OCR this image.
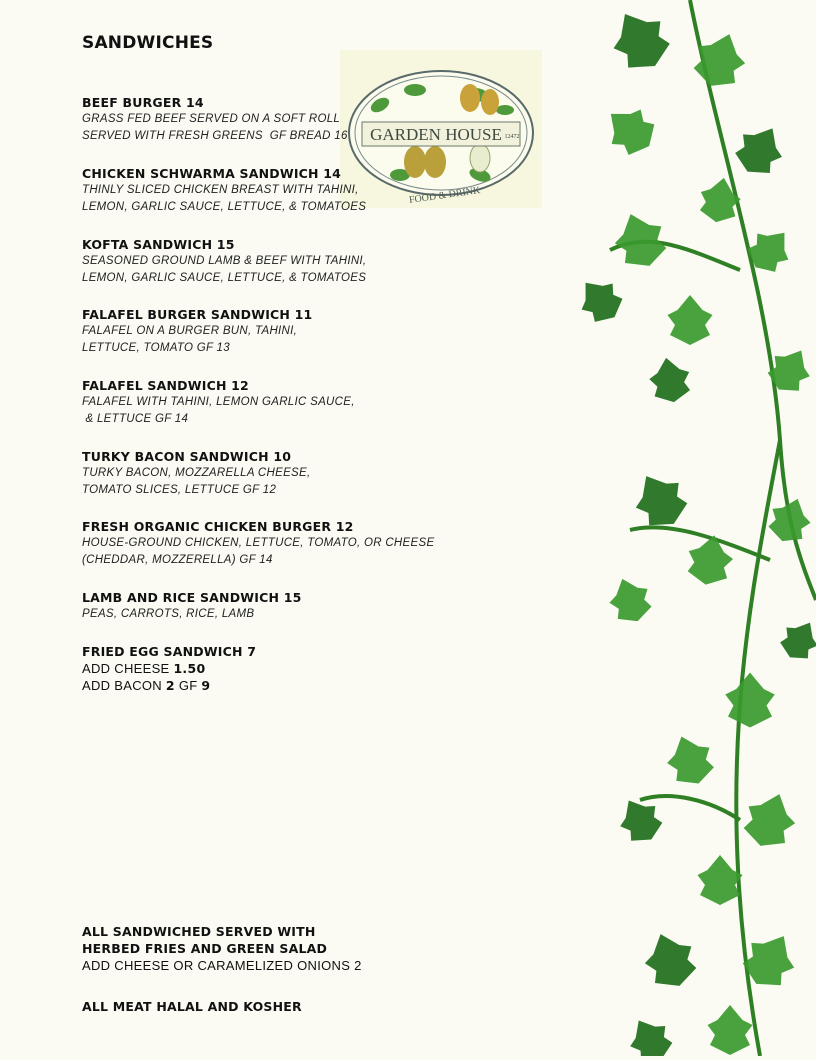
SANDWICHES
GARDEN HOUSE 12472
FOOD & DRINK
BEEF BURGER 14
GRASS FED BEEF SERVED ON A SOFT ROLL
SERVED WITH FRESH GREENS  GF BREAD 16
CHICKEN SCHWARMA SANDWICH 14
THINLY SLICED CHICKEN BREAST WITH TAHINI,
LEMON, GARLIC SAUCE, LETTUCE, & TOMATOES
KOFTA SANDWICH 15
SEASONED GROUND LAMB & BEEF WITH TAHINI,
LEMON, GARLIC SAUCE, LETTUCE, & TOMATOES
FALAFEL BURGER SANDWICH 11
FALAFEL ON A BURGER BUN, TAHINI,
LETTUCE, TOMATO GF 13
FALAFEL SANDWICH 12
FALAFEL WITH TAHINI, LEMON GARLIC SAUCE,
& LETTUCE GF 14
TURKY BACON SANDWICH 10
TURKY BACON, MOZZARELLA CHEESE,
TOMATO SLICES, LETTUCE GF 12
FRESH ORGANIC CHICKEN BURGER 12
HOUSE-GROUND CHICKEN, LETTUCE, TOMATO, OR CHEESE
(CHEDDAR, MOZZERELLA) GF 14
LAMB AND RICE SANDWICH 15
PEAS, CARROTS, RICE, LAMB
FRIED EGG SANDWICH 7
ADD CHEESE 1.50
ADD BACON 2 GF 9
ALL SANDWICHED SERVED WITH
HERBED FRIES AND GREEN SALAD
ADD CHEESE OR CARAMELIZED ONIONS 2
ALL MEAT HALAL AND KOSHER
